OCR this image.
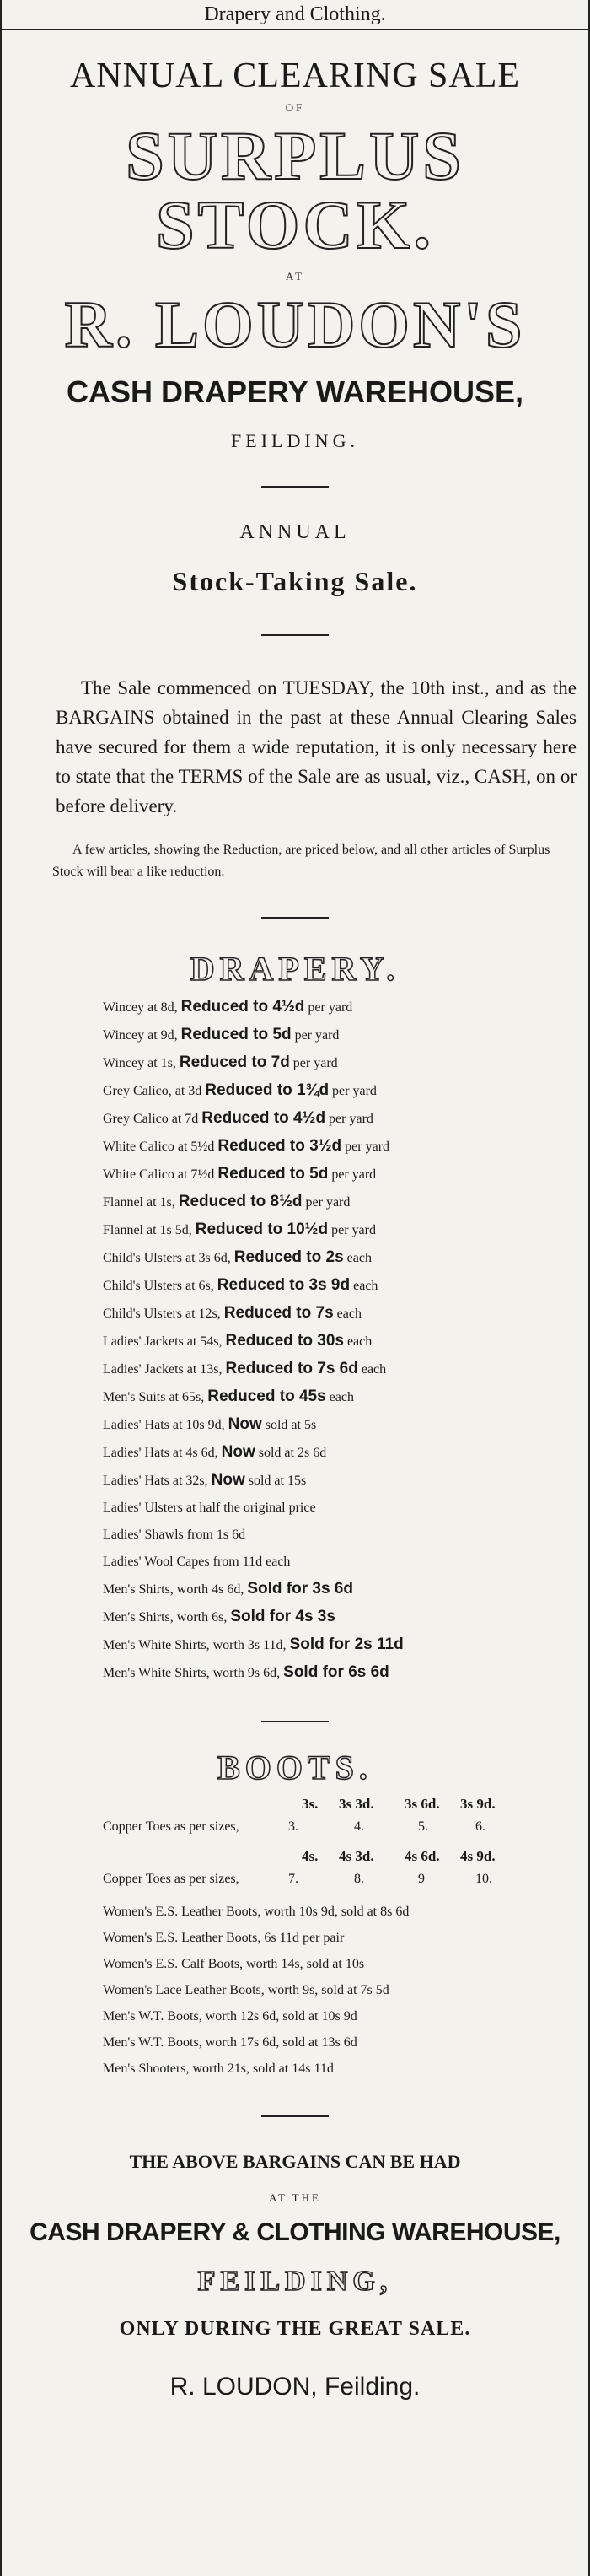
Drapery and Clothing.
ANNUAL CLEARING SALE
OF
SURPLUS STOCK.
AT
R. LOUDON'S
CASH DRAPERY WAREHOUSE,
FEILDING.
ANNUAL
Stock-Taking Sale.
The Sale commenced on TUESDAY, the 10th inst., and as the BARGAINS obtained in the past at these Annual Clearing Sales have secured for them a wide reputation, it is only necessary here to state that the TERMS of the Sale are as usual, viz., CASH, on or before delivery.
A few articles, showing the Reduction, are priced below, and all other articles of Surplus Stock will bear a like reduction.
DRAPERY.
Wincey at 8d, Reduced to 4½d per yard
Wincey at 9d, Reduced to 5d per yard
Wincey at 1s, Reduced to 7d per yard
Grey Calico, at 3d Reduced to 1¾d per yard
Grey Calico at 7d Reduced to 4½d per yard
White Calico at 5½d Reduced to 3½d per yard
White Calico at 7½d Reduced to 5d per yard
Flannel at 1s, Reduced to 8½d per yard
Flannel at 1s 5d, Reduced to 10½d per yard
Child's Ulsters at 3s 6d, Reduced to 2s each
Child's Ulsters at 6s, Reduced to 3s 9d each
Child's Ulsters at 12s, Reduced to 7s each
Ladies' Jackets at 54s, Reduced to 30s each
Ladies' Jackets at 13s, Reduced to 7s 6d each
Men's Suits at 65s, Reduced to 45s each
Ladies' Hats at 10s 9d, Now sold at 5s
Ladies' Hats at 4s 6d, Now sold at 2s 6d
Ladies' Hats at 32s, Now sold at 15s
Ladies' Ulsters at half the original price
Ladies' Shawls from 1s 6d
Ladies' Wool Capes from 11d each
Men's Shirts, worth 4s 6d, Sold for 3s 6d
Men's Shirts, worth 6s, Sold for 4s 3s
Men's White Shirts, worth 3s 11d, Sold for 2s 11d
Men's White Shirts, worth 9s 6d, Sold for 6s 6d
BOOTS.
3s. 3s 3d. 3s 6d. 3s 9d.
Copper Toes as per sizes,	3.	4.	5.	6.
4s. 4s 3d. 4s 6d. 4s 9d.
Copper Toes as per sizes,	7.	8.	9	10.
Women's E.S. Leather Boots, worth 10s 9d, sold at 8s 6d
Women's E.S. Leather Boots, 6s 11d per pair
Women's E.S. Calf Boots, worth 14s, sold at 10s
Women's Lace Leather Boots, worth 9s, sold at 7s 5d
Men's W.T. Boots, worth 12s 6d, sold at 10s 9d
Men's W.T. Boots, worth 17s 6d, sold at 13s 6d
Men's Shooters, worth 21s, sold at 14s 11d
THE ABOVE BARGAINS CAN BE HAD
AT THE
CASH DRAPERY & CLOTHING WAREHOUSE,
FEILDING,
ONLY DURING THE GREAT SALE.
R. LOUDON, Feilding.
